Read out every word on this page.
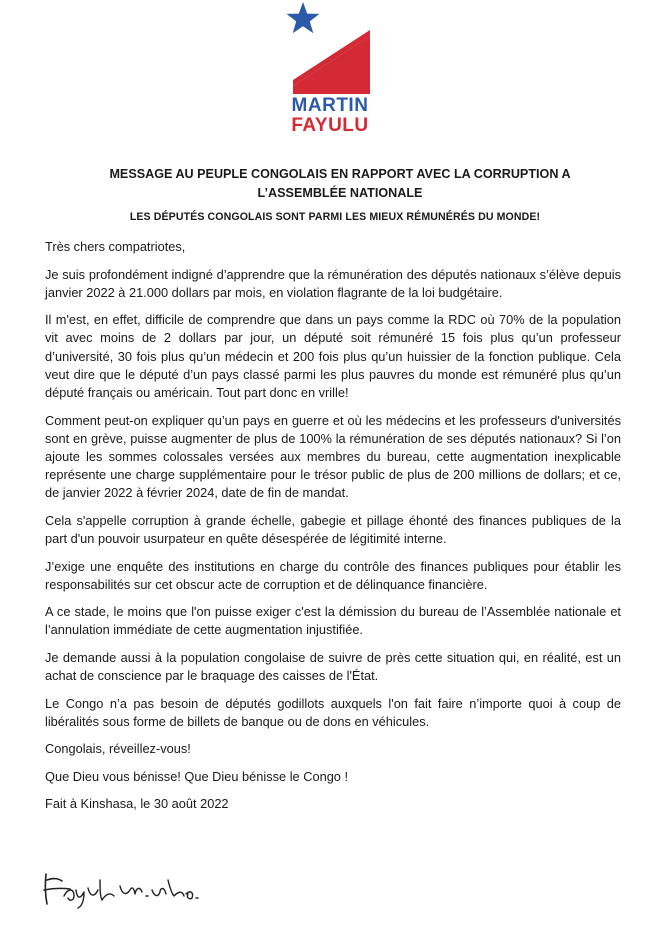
MARTIN
FAYULU
MESSAGE AU PEUPLE CONGOLAIS EN RAPPORT AVEC LA CORRUPTION A
L’ASSEMBLÉE NATIONALE
LES DÉPUTÉS CONGOLAIS SONT PARMI LES MIEUX RÉMUNÉRÉS DU MONDE!

Très chers compatriotes,

Je suis profondément indigné d’apprendre que la rémunération des députés nationaux s’élève depuis janvier 2022 à 21.000 dollars par mois, en violation flagrante de la loi budgétaire.

Il m'est, en effet, difficile de comprendre que dans un pays comme la RDC où 70% de la population vit avec moins de 2 dollars par jour, un député soit rémunéré 15 fois plus qu’un professeur d’université, 30 fois plus qu’un médecin et 200 fois plus qu’un huissier de la fonction publique. Cela veut dire que le député d’un pays classé parmi les plus pauvres du monde est rémunéré plus qu’un député français ou américain. Tout part donc en vrille!

Comment peut-on expliquer qu’un pays en guerre et où les médecins et les professeurs d'universités sont en grève, puisse augmenter de plus de 100% la rémunération de ses députés nationaux? Si l’on ajoute les sommes colossales versées aux membres du bureau, cette augmentation inexplicable représente une charge supplémentaire pour le trésor public de plus de 200 millions de dollars; et ce, de janvier 2022 à février 2024, date de fin de mandat.

Cela s'appelle corruption à grande échelle, gabegie et pillage éhonté des finances publiques de la part d'un pouvoir usurpateur en quête désespérée de légitimité interne.

J’exige une enquête des institutions en charge du contrôle des finances publiques pour établir les responsabilités sur cet obscur acte de corruption et de délinquance financière.

A ce stade, le moins que l'on puisse exiger c'est la démission du bureau de l’Assemblée nationale et l’annulation immédiate de cette augmentation injustifiée.

Je demande aussi à la population congolaise de suivre de près cette situation qui, en réalité, est un achat de conscience par le braquage des caisses de l'État.

Le Congo n’a pas besoin de députés godillots auxquels l'on fait faire n’importe quoi à coup de libéralités sous forme de billets de banque ou de dons en véhicules.

Congolais, réveillez-vous!

Que Dieu vous bénisse! Que Dieu bénisse le Congo !

Fait à Kinshasa, le 30 août 2022
